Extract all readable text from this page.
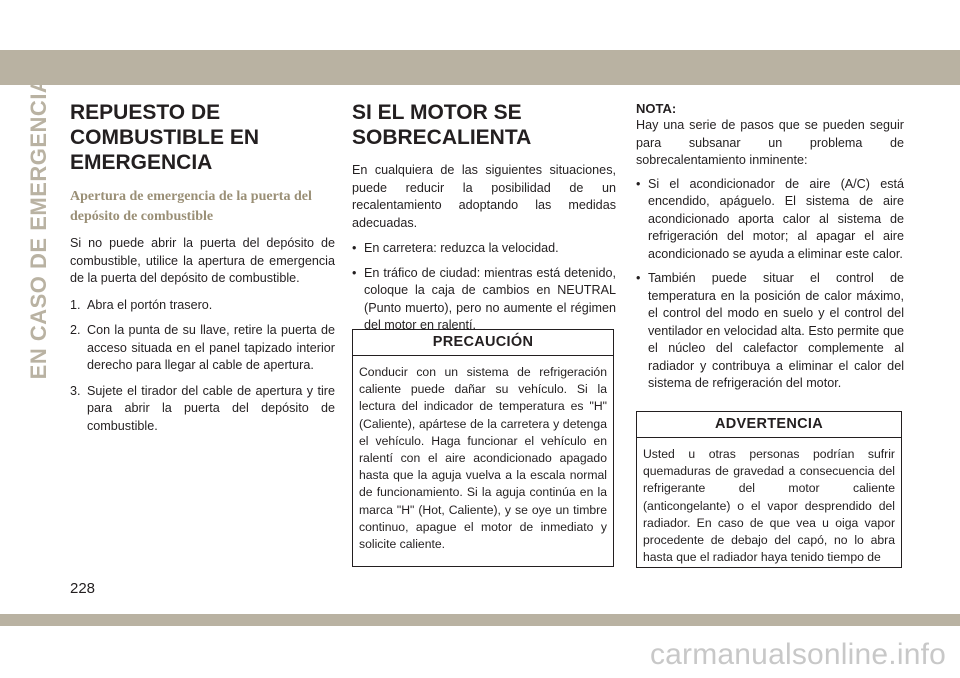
EN CASO DE EMERGENCIA REPUESTO DE COMBUSTIBLE EN EMERGENCIA
Apertura de emergencia de la puerta del depósito de combustible

Si no puede abrir la puerta del depósito de combustible, utilice la apertura de emergencia de la puerta del depósito de combustible.

1. Abra el portón trasero.
2. Con la punta de su llave, retire la puerta de acceso situada en el panel tapizado interior derecho para llegar al cable de apertura.
3. Sujete el tirador del cable de apertura y tire para abrir la puerta del depósito de combustible.
SI EL MOTOR SE SOBRECALIENTA

En cualquiera de las siguientes situaciones, puede reducir la posibilidad de un recalentamiento adoptando las medidas adecuadas.

• En carretera: reduzca la velocidad.
• En tráfico de ciudad: mientras está detenido, coloque la caja de cambios en NEUTRAL (Punto muerto), pero no aumente el régimen del motor en ralentí.
PRECAUCIÓN
Conducir con un sistema de refrigeración caliente puede dañar su vehículo. Si la lectura del indicador de temperatura es "H" (Caliente), apártese de la carretera y detenga el vehículo. Haga funcionar el vehículo en ralentí con el aire acondicionado apagado hasta que la aguja vuelva a la escala normal de funcionamiento. Si la aguja continúa en la marca "H" (Hot, Caliente), y se oye un timbre continuo, apague el motor de inmediato y solicite caliente.
NOTA:

Hay una serie de pasos que se pueden seguir para subsanar un problema de sobrecalentamiento inminente:

• Si el acondicionador de aire (A/C) está encendido, apáguelo. El sistema de aire acondicionado aporta calor al sistema de refrigeración del motor; al apagar el aire acondicionado se ayuda a eliminar este calor.
• También puede situar el control de temperatura en la posición de calor máximo, el control del modo en suelo y el control del ventilador en velocidad alta. Esto permite que el núcleo del calefactor complemente al radiador y contribuya a eliminar el calor del sistema de refrigeración del motor.
ADVERTENCIA
Usted u otras personas podrían sufrir quemaduras de gravedad a consecuencia del refrigerante del motor caliente (anticongelante) o el vapor desprendido del radiador. En caso de que vea u oiga vapor procedente de debajo del capó, no lo abra hasta que el radiador haya tenido tiempo de
228
carmanualsonline.info
